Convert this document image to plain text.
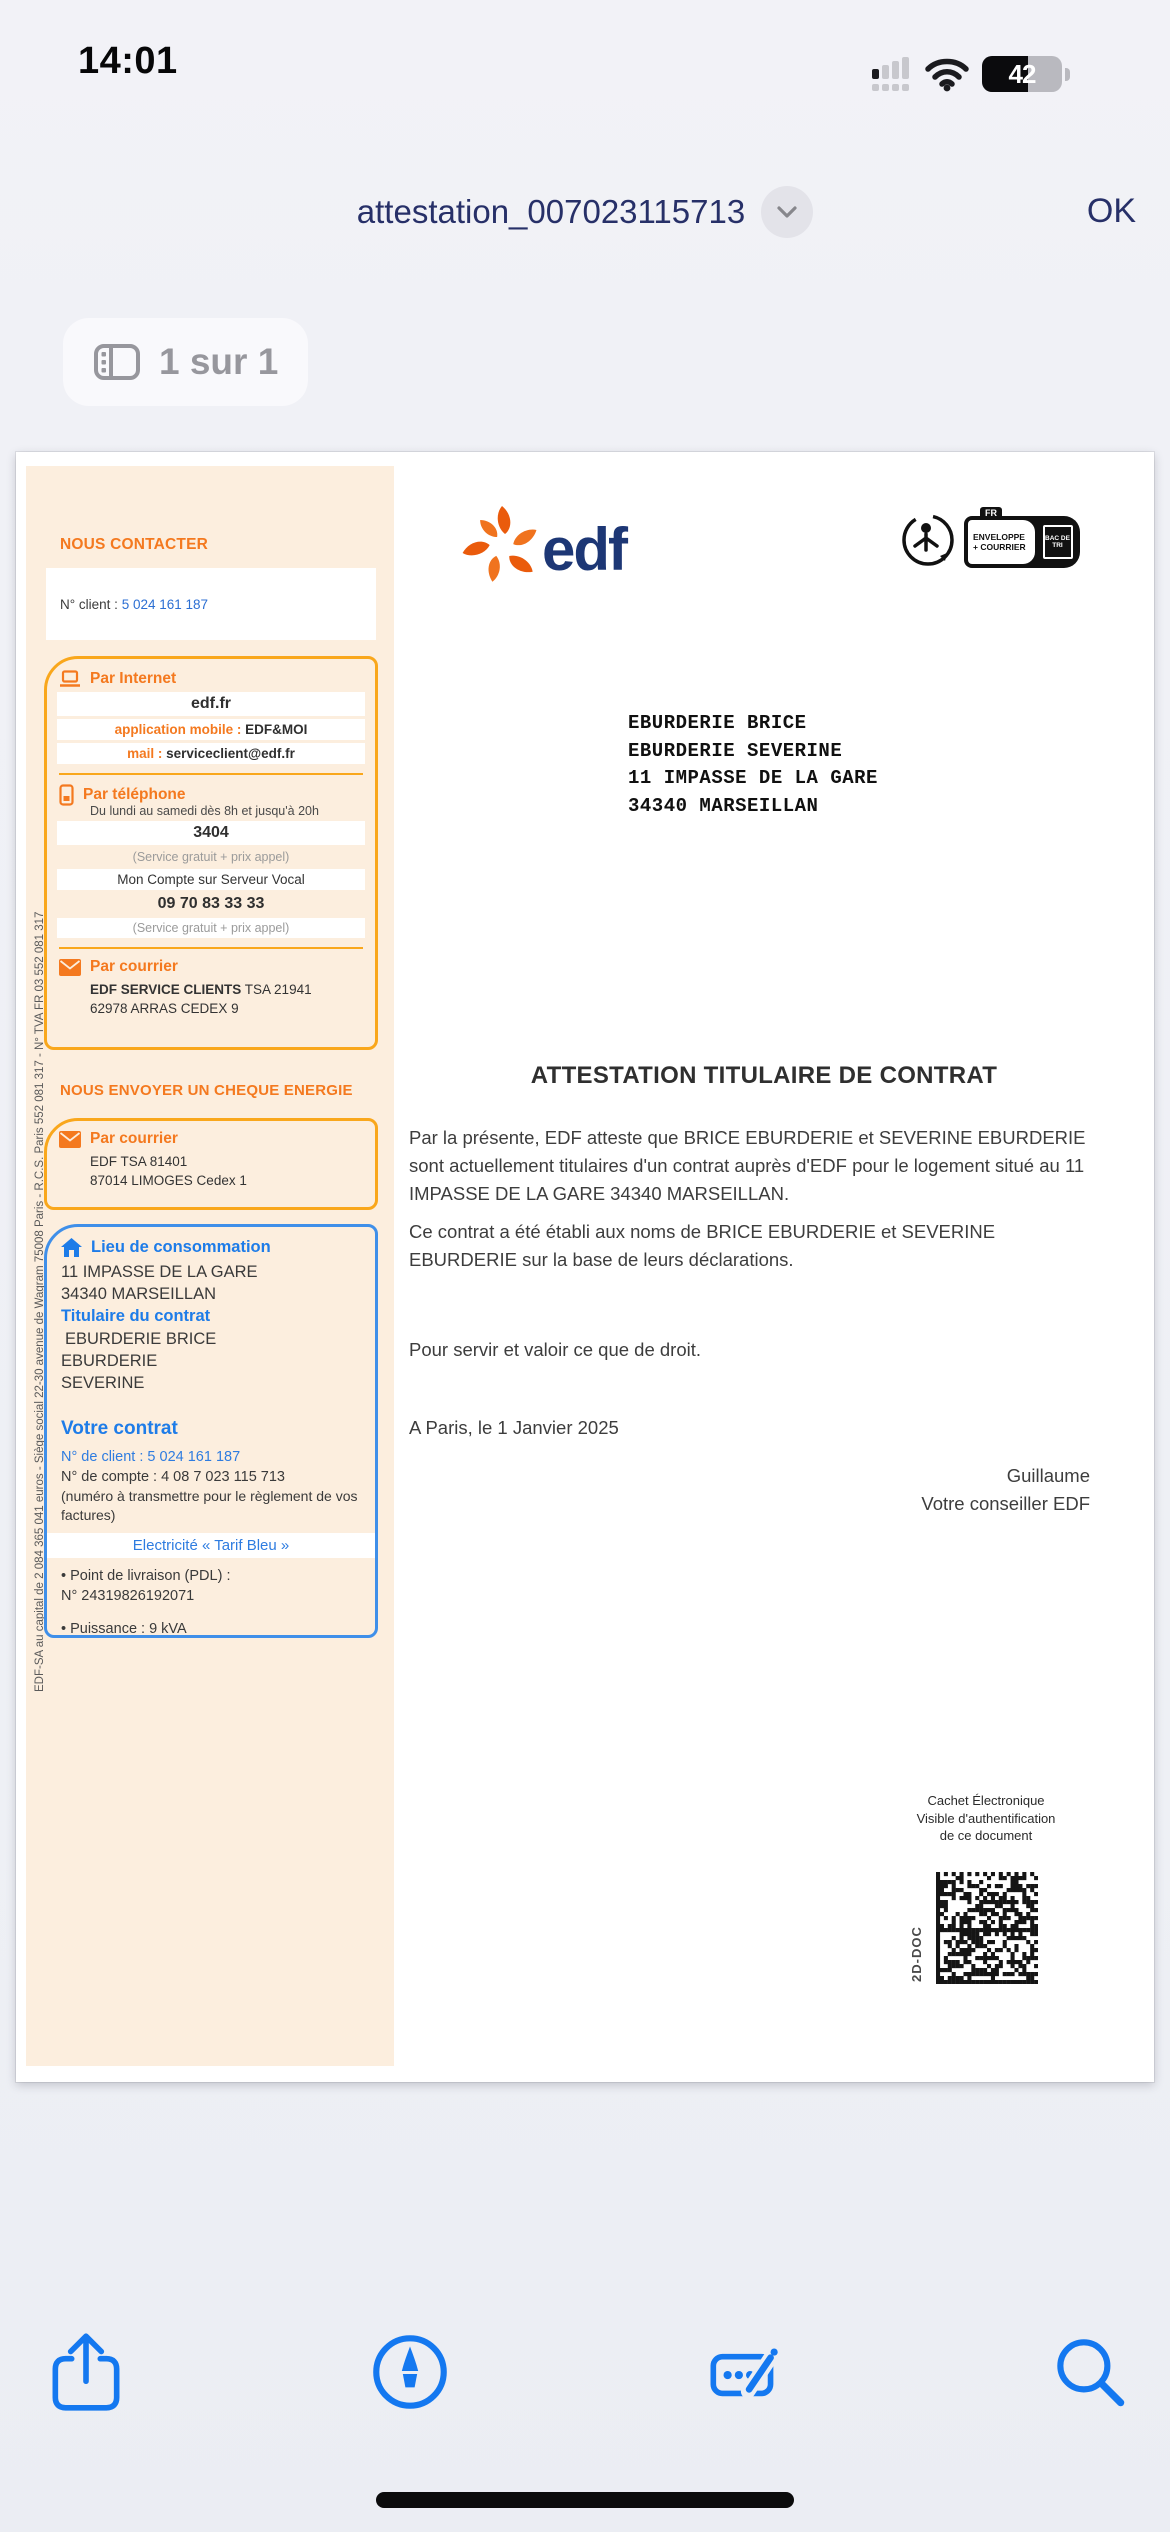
14:01	42
attestation_007023115713	OK
1 sur 1
EDF-SA au capital de 2 084 365 041 euros - Siège social 22-30 avenue de Wagram 75008 Paris - R.C.S. Paris 552 081 317 - N° TVA FR 03 552 081 317
NOUS CONTACTER
N° client : 5 024 161 187
Par Internet
edf.fr
application mobile : EDF&MOI
mail : serviceclient@edf.fr
Par téléphone
Du lundi au samedi dès 8h et jusqu'à 20h
3404
(Service gratuit + prix appel)
Mon Compte sur Serveur Vocal
09 70 83 33 33
(Service gratuit + prix appel)
Par courrier
EDF SERVICE CLIENTS TSA 21941
62978 ARRAS CEDEX 9
NOUS ENVOYER UN CHEQUE ENERGIE
Par courrier
EDF TSA 81401
87014 LIMOGES Cedex 1
Lieu de consommation
11 IMPASSE DE LA GARE
34340 MARSEILLAN
Titulaire du contrat
EBURDERIE BRICE
EBURDERIE
SEVERINE
Votre contrat
N° de client : 5 024 161 187
N° de compte : 4 08 7 023 115 713
(numéro à transmettre pour le règlement de vos factures)
Electricité « Tarif Bleu »
• Point de livraison (PDL) :
N° 24319826192071
• Puissance : 9 kVA
edf	ENVELOPPE
+ COURRIER
BAC DE TRI
FR
EBURDERIE BRICE
EBURDERIE SEVERINE
11 IMPASSE DE LA GARE
34340 MARSEILLAN
ATTESTATION TITULAIRE DE CONTRAT
Par la présente, EDF atteste que BRICE EBURDERIE et SEVERINE EBURDERIE sont actuellement titulaires d'un contrat auprès d'EDF pour le logement situé au 11 IMPASSE DE LA GARE 34340 MARSEILLAN.
Ce contrat a été établi aux noms de BRICE EBURDERIE et SEVERINE EBURDERIE sur la base de leurs déclarations.
Pour servir et valoir ce que de droit.
A Paris, le 1 Janvier 2025
Guillaume
Votre conseiller EDF
Cachet Électronique
Visible d'authentification
de ce document
2D-DOC
